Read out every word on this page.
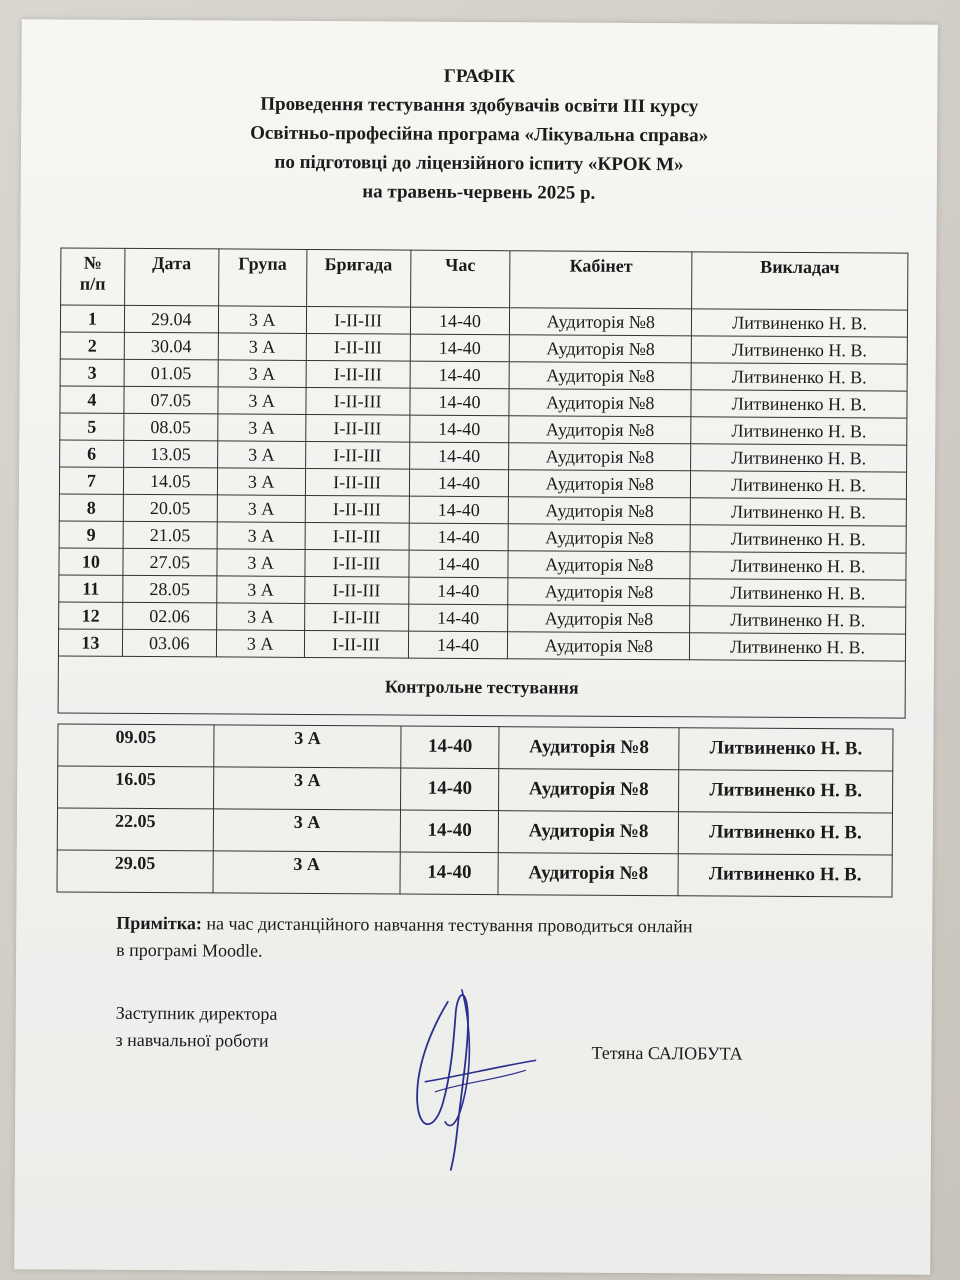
ГРАФІК
Проведення тестування здобувачів освіти ІІІ курсу
Освітньо-професійна програма «Лікувальна справа»
по підготовці до ліцензійного іспиту «КРОК М»
на травень-червень 2025 р.
№
п/п	Дата	Група	Бригада	Час	Кабінет	Викладач
1	29.04	3 А	I-II-III	14-40	Аудиторія №8	Литвиненко Н. В.
2	30.04	3 А	I-II-III	14-40	Аудиторія №8	Литвиненко Н. В.
3	01.05	3 А	I-II-III	14-40	Аудиторія №8	Литвиненко Н. В.
4	07.05	3 А	I-II-III	14-40	Аудиторія №8	Литвиненко Н. В.
5	08.05	3 А	I-II-III	14-40	Аудиторія №8	Литвиненко Н. В.
6	13.05	3 А	I-II-III	14-40	Аудиторія №8	Литвиненко Н. В.
7	14.05	3 А	I-II-III	14-40	Аудиторія №8	Литвиненко Н. В.
8	20.05	3 А	I-II-III	14-40	Аудиторія №8	Литвиненко Н. В.
9	21.05	3 А	I-II-III	14-40	Аудиторія №8	Литвиненко Н. В.
10	27.05	3 А	I-II-III	14-40	Аудиторія №8	Литвиненко Н. В.
11	28.05	3 А	I-II-III	14-40	Аудиторія №8	Литвиненко Н. В.
12	02.06	3 А	I-II-III	14-40	Аудиторія №8	Литвиненко Н. В.
13	03.06	3 А	I-II-III	14-40	Аудиторія №8	Литвиненко Н. В.
Контрольне тестування						
09.05	3 А	14-40	Аудиторія №8	Литвиненко Н. В.
16.05	3 А	14-40	Аудиторія №8	Литвиненко Н. В.
22.05	3 А	14-40	Аудиторія №8	Литвиненко Н. В.
29.05	3 А	14-40	Аудиторія №8	Литвиненко Н. В.
Примітка: на час дистанційного навчання тестування проводиться онлайн
в програмі Moodle.
Заступник директора
з навчальної роботи
Тетяна САЛОБУТА
